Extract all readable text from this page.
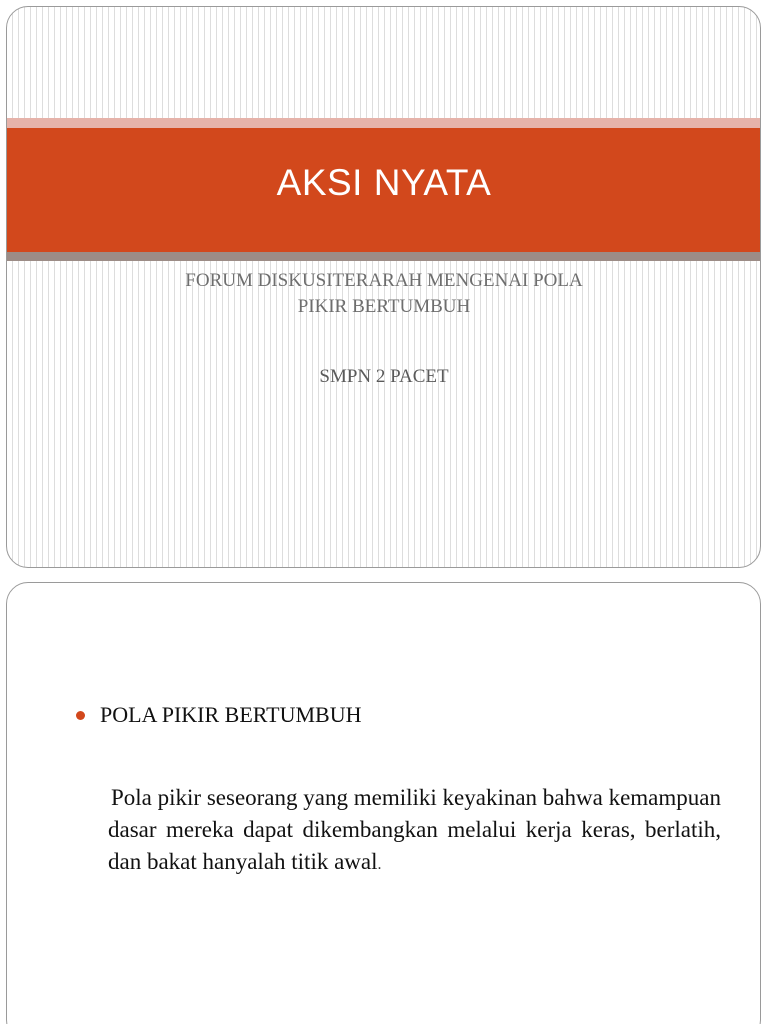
AKSI NYATA
FORUM DISKUSITERARAH MENGENAI POLA
PIKIR BERTUMBUH
SMPN 2 PACET
POLA PIKIR BERTUMBUH
Pola pikir seseorang yang memiliki keyakinan bahwa kemampuan dasar mereka dapat dikembangkan melalui kerja keras, berlatih, dan bakat hanyalah titik awal.
